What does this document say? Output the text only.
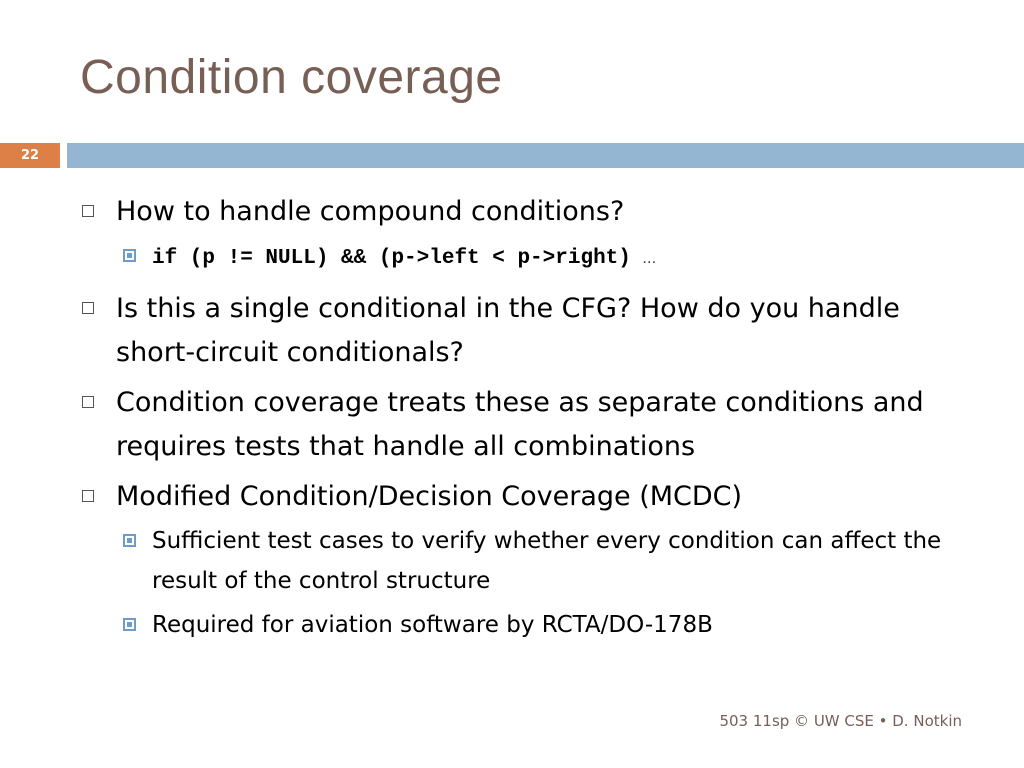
Condition coverage
22
How to handle compound conditions?
if (p != NULL) && (p->left < p->right) …
Is this a single conditional in the CFG? How do you handle short-circuit conditionals?
Condition coverage treats these as separate conditions and requires tests that handle all combinations
Modified Condition/Decision Coverage (MCDC)
Sufficient test cases to verify whether every condition can affect the result of the control structure
Required for aviation software by RCTA/DO-178B
503 11sp © UW CSE • D. Notkin
